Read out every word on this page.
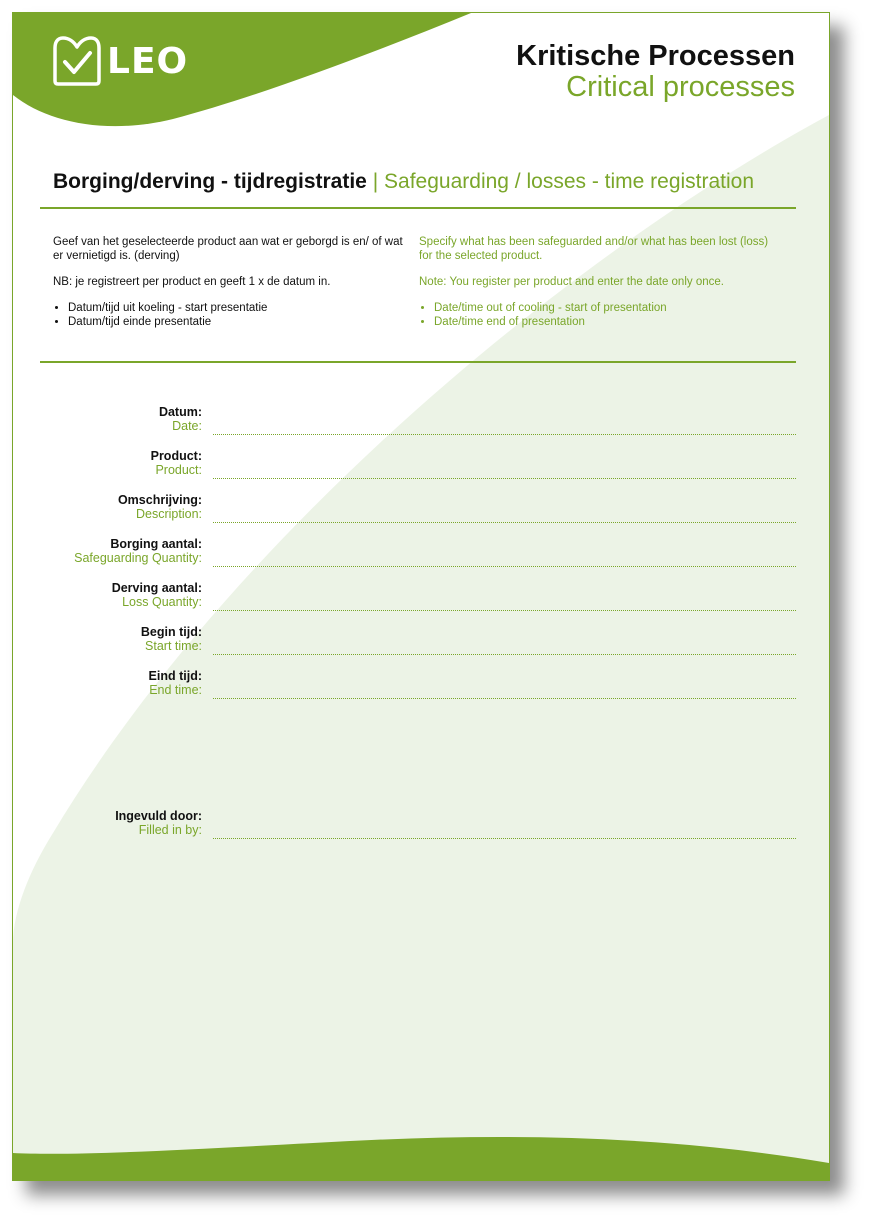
LEO	Kritische Processen
Critical processes
Borging/derving - tijdregistratie | Safeguarding / losses - time registration

Geef van het geselecteerde product aan wat er geborgd is en/ of wat er vernietigd is. (derving)

NB: je registreert per product en geeft 1 x de datum in.

• Datum/tijd uit koeling - start presentatie
• Datum/tijd einde presentatie

Specify what has been safeguarded and/or what has been lost (loss) for the selected product.

Note: You register per product and enter the date only once.

• Date/time out of cooling - start of presentation
• Date/time end of presentation
Datum:
Date:
Product:
Product:
Omschrijving:
Description:
Borging aantal:
Safeguarding Quantity:
Derving aantal:
Loss Quantity:
Begin tijd:
Start time:
Eind tijd:
End time:
Ingevuld door:
Filled in by:
